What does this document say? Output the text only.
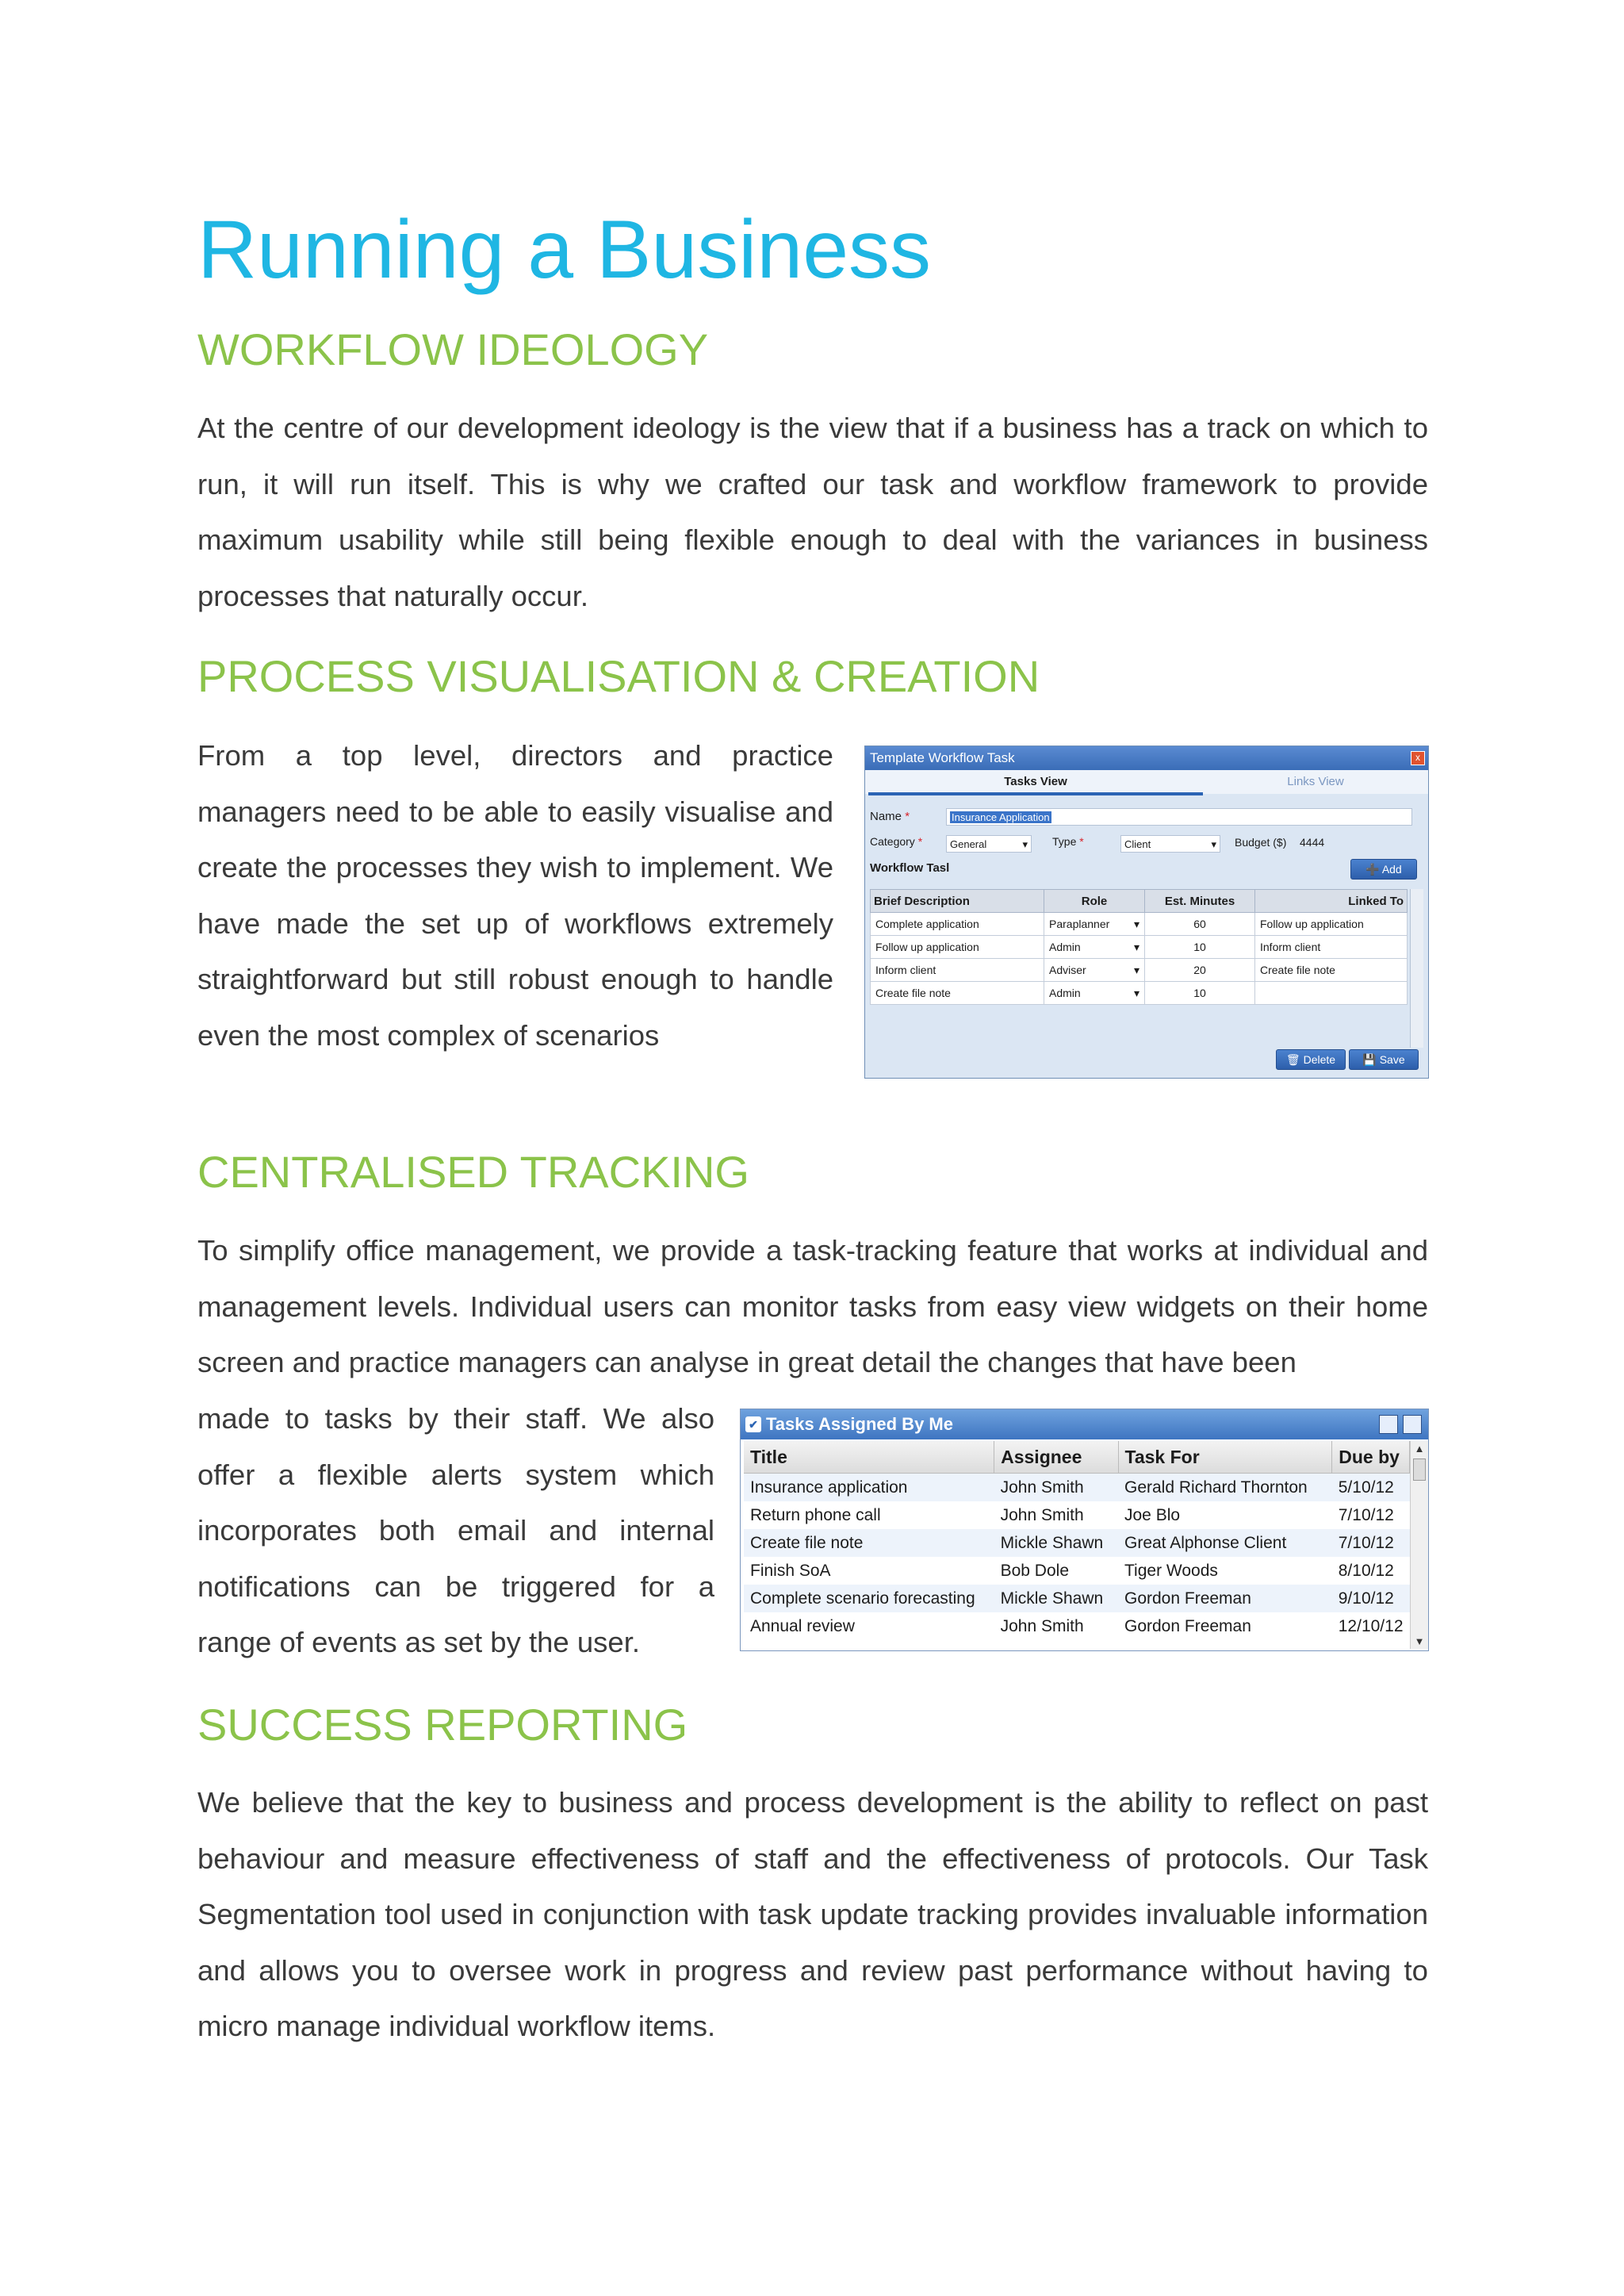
Running a Business
WORKFLOW IDEOLOGY

At the centre of our development ideology is the view that if a business has a track on which to run, it will run itself. This is why we crafted our task and workflow framework to provide maximum usability while still being flexible enough to deal with the variances in business processes that naturally occur.

PROCESS VISUALISATION & CREATION

From a top level, directors and practice managers need to be able to easily visualise and create the processes they wish to implement. We have made the set up of workflows extremely straightforward but still robust enough to handle even the most complex of scenarios

Template Workflow Task	x
Tasks View	Links View
Name *	Insurance Application
Category *	General ▾	Type *	Client ▾	Budget ($) 4444
Workflow Tasl	➕ Add
Brief Description	Role	Est. Minutes	Linked To
Complete application	Paraplanner ▾	60	Follow up application
Follow up application	Admin ▾	10	Inform client
Inform client	Adviser ▾	20	Create file note
Create file note	Admin ▾	10	
🗑 Delete	💾 Save
CENTRALISED TRACKING

To simplify office management, we provide a task-tracking feature that works at individual and management levels. Individual users can monitor tasks from easy view widgets on their home screen and practice managers can analyse in great detail the changes that have been

made to tasks by their staff. We also offer a flexible alerts system which incorporates both email and internal notifications can be triggered for a range of events as set by the user.

✔ Tasks Assigned By Me
Title	Assignee	Task For	Due by
Insurance application	John Smith	Gerald Richard Thornton	5/10/12
Return phone call	John Smith	Joe Blo	7/10/12
Create file note	Mickle Shawn	Great Alphonse Client	7/10/12
Finish SoA	Bob Dole	Tiger Woods	8/10/12
Complete scenario forecasting	Mickle Shawn	Gordon Freeman	9/10/12
Annual review	John Smith	Gordon Freeman	12/10/12
▲
▼
SUCCESS REPORTING

We believe that the key to business and process development is the ability to reflect on past behaviour and measure effectiveness of staff and the effectiveness of protocols. Our Task Segmentation tool used in conjunction with task update tracking provides invaluable information and allows you to oversee work in progress and review past performance without having to micro manage individual workflow items.
